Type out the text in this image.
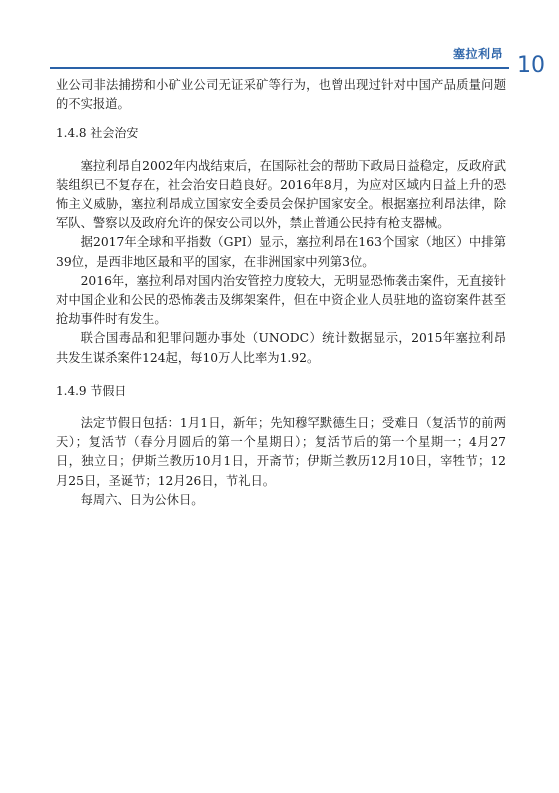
塞拉利昂 10

业公司非法捕捞和小矿业公司无证采矿等行为，也曾出现过针对中国产品质量问题的不实报道。

1.4.8 社会治安

塞拉利昂自2002年内战结束后，在国际社会的帮助下政局日益稳定，反政府武装组织已不复存在，社会治安日趋良好。2016年8月，为应对区域内日益上升的恐怖主义威胁，塞拉利昂成立国家安全委员会保护国家安全。根据塞拉利昂法律，除军队、警察以及政府允许的保安公司以外，禁止普通公民持有枪支器械。

据2017年全球和平指数（GPI）显示，塞拉利昂在163个国家（地区）中排第39位，是西非地区最和平的国家，在非洲国家中列第3位。

2016年，塞拉利昂对国内治安管控力度较大，无明显恐怖袭击案件，无直接针对中国企业和公民的恐怖袭击及绑架案件，但在中资企业人员驻地的盗窃案件甚至抢劫事件时有发生。

联合国毒品和犯罪问题办事处（UNODC）统计数据显示，2015年塞拉利昂共发生谋杀案件124起，每10万人比率为1.92。

1.4.9 节假日

法定节假日包括：1月1日，新年；先知穆罕默德生日；受难日（复活节的前两天）；复活节（春分月圆后的第一个星期日）；复活节后的第一个星期一；4月27日，独立日；伊斯兰教历10月1日，开斋节；伊斯兰教历12月10日，宰牲节；12月25日，圣诞节；12月26日，节礼日。

每周六、日为公休日。
